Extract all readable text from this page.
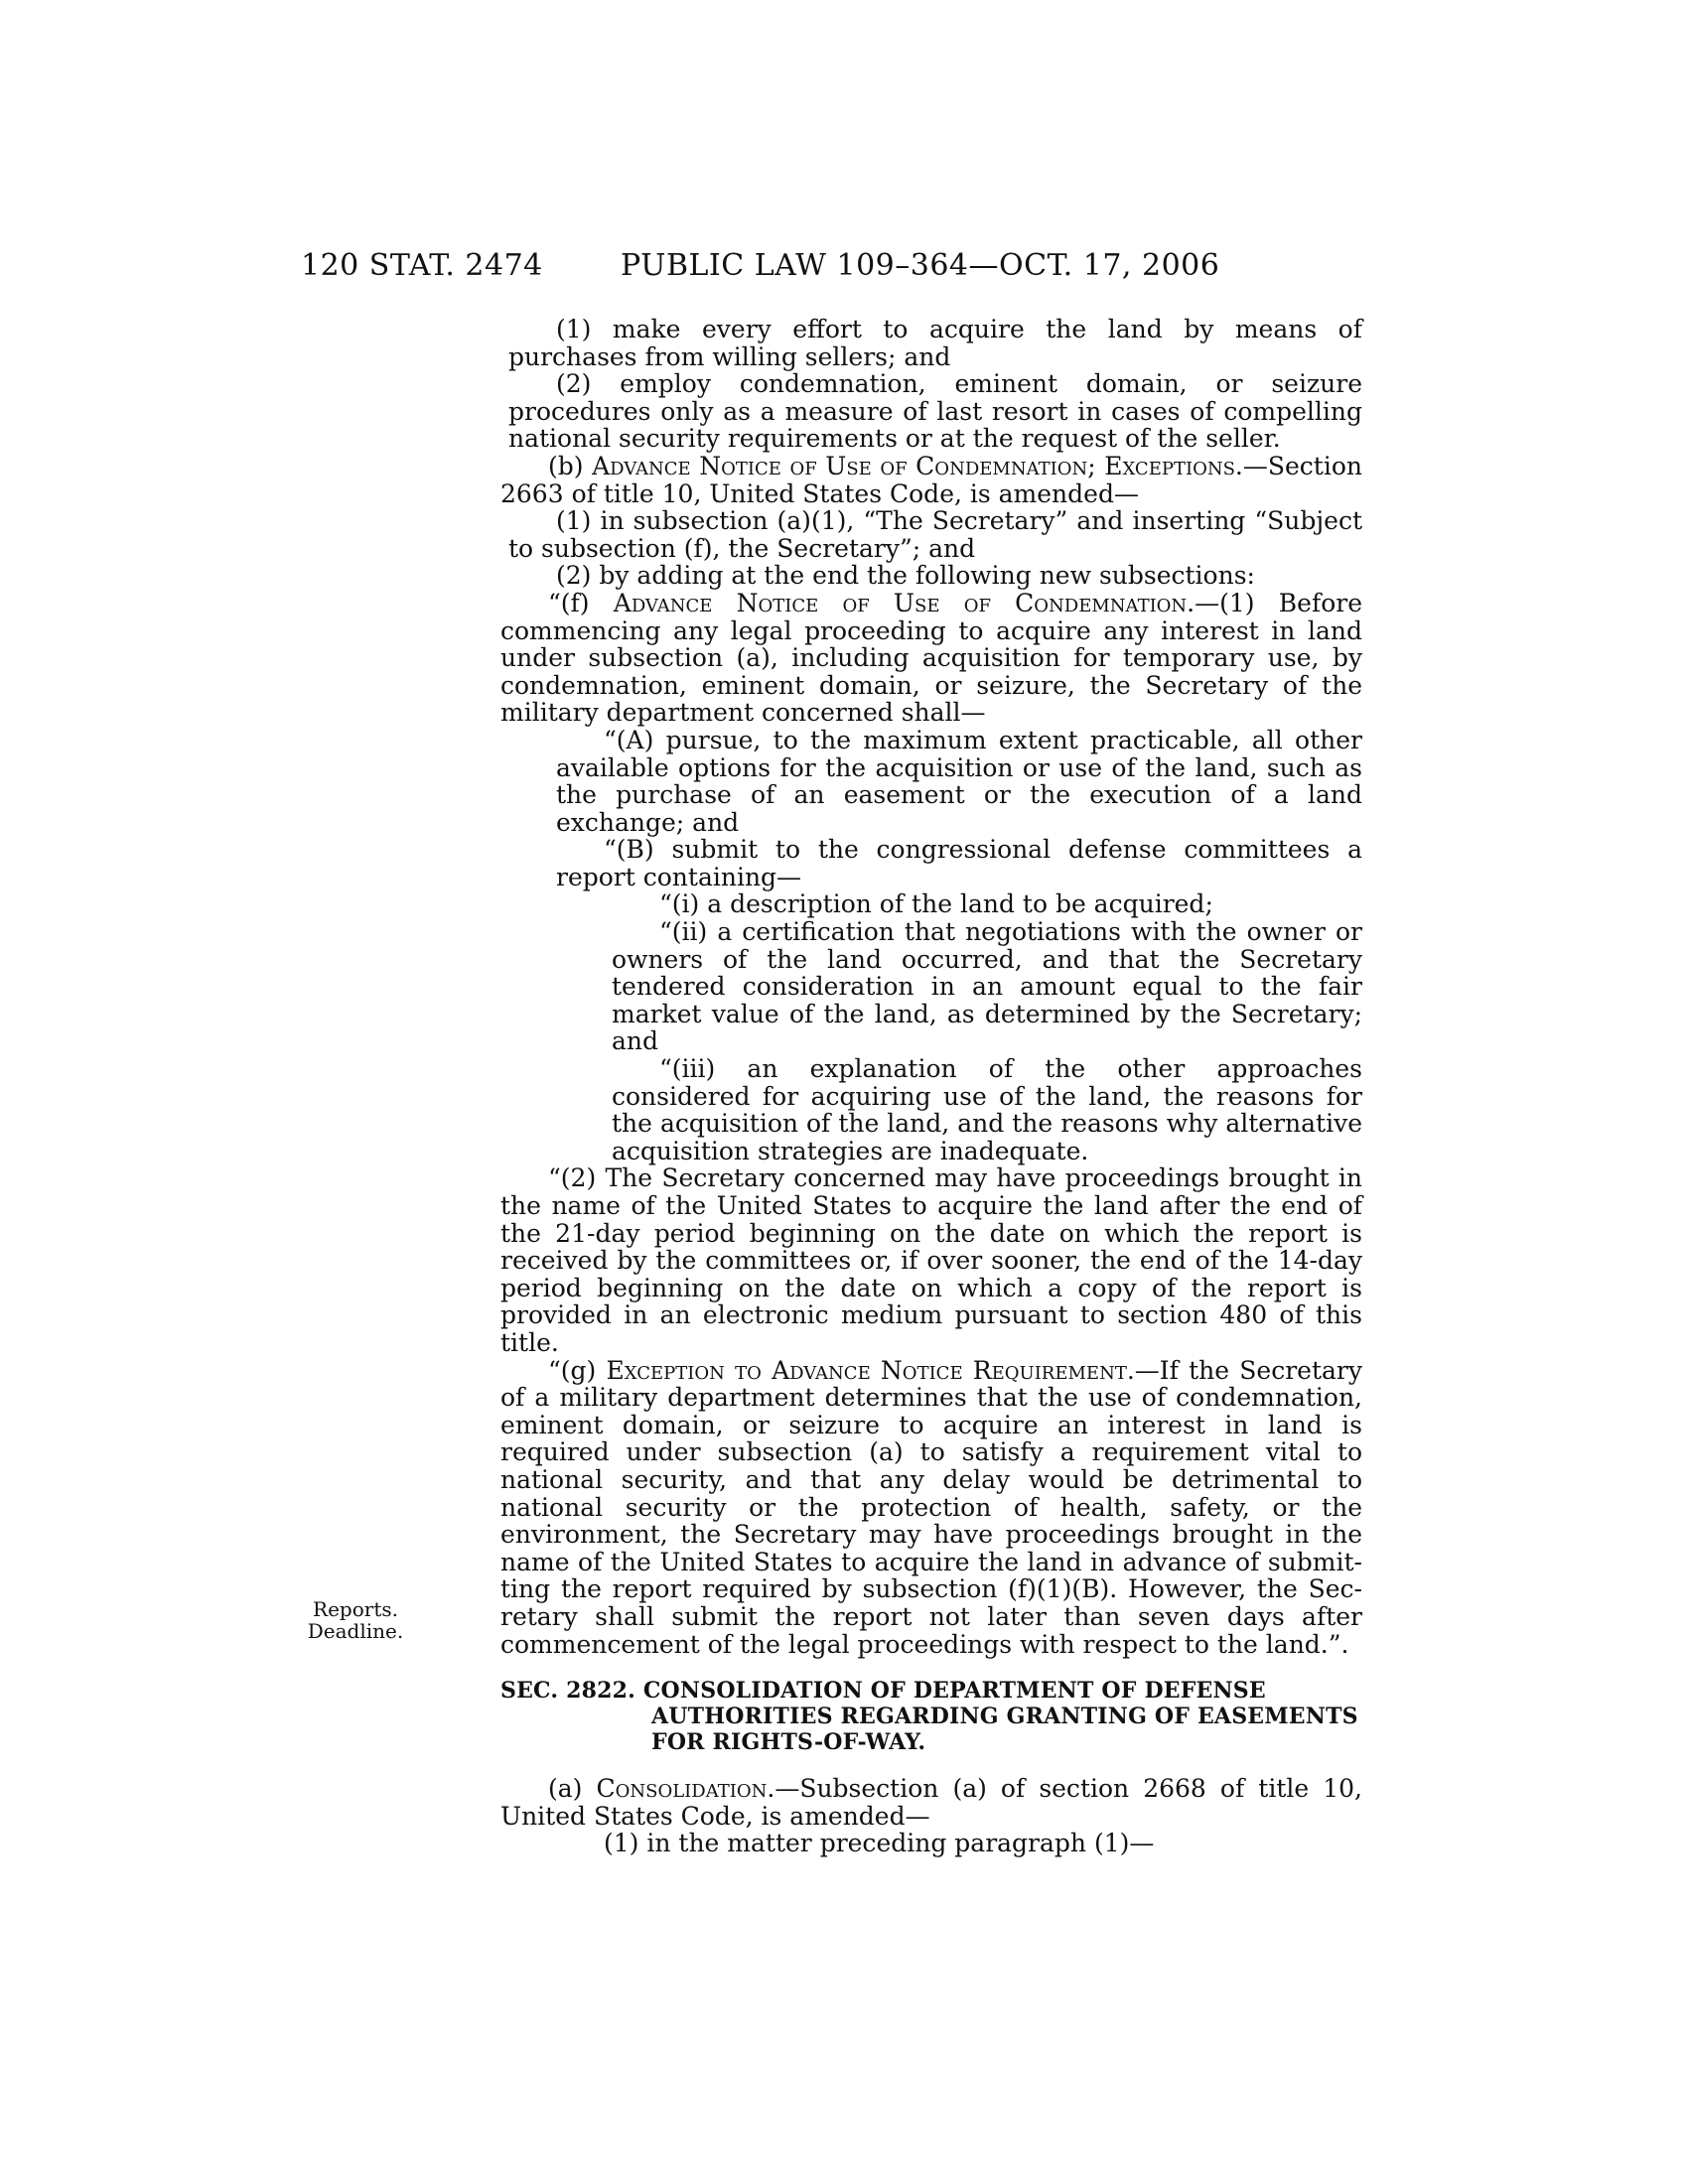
120 STAT. 2474	PUBLIC LAW 109–364—OCT. 17, 2006
Reports.
Deadline.

(1) make every effort to acquire the land by means of purchases from willing sellers; and

(2) employ condemnation, eminent domain, or seizure procedures only as a measure of last resort in cases of compelling national security requirements or at the request of the seller.

(b) Advance Notice of Use of Condemnation; Exceptions.—Section 2663 of title 10, United States Code, is amended—

(1) in subsection (a)(1), “The Secretary” and inserting “Subject to subsection (f), the Secretary”; and

(2) by adding at the end the following new subsections:

“(f) Advance Notice of Use of Condemnation.—(1) Before commencing any legal proceeding to acquire any interest in land under subsection (a), including acquisition for temporary use, by condemnation, eminent domain, or seizure, the Secretary of the military department concerned shall—

“(A) pursue, to the maximum extent practicable, all other available options for the acquisition or use of the land, such as the purchase of an easement or the execution of a land exchange; and

“(B) submit to the congressional defense committees a report containing—

“(i) a description of the land to be acquired;

“(ii) a certification that negotiations with the owner or owners of the land occurred, and that the Secretary tendered consideration in an amount equal to the fair market value of the land, as determined by the Secretary; and

“(iii) an explanation of the other approaches considered for acquiring use of the land, the reasons for the acquisition of the land, and the reasons why alternative acquisition strategies are inadequate.

“(2) The Secretary concerned may have proceedings brought in the name of the United States to acquire the land after the end of the 21-day period beginning on the date on which the report is received by the committees or, if over sooner, the end of the 14-day period beginning on the date on which a copy of the report is provided in an electronic medium pursuant to section 480 of this title.

“(g) Exception to Advance Notice Requirement.—If the Secretary of a military department determines that the use of condemnation, eminent domain, or seizure to acquire an interest in land is required under subsection (a) to satisfy a requirement vital to national security, and that any delay would be detrimental to national security or the protection of health, safety, or the environment, the Secretary may have proceedings brought in the name of the United States to acquire the land in advance of submitting the report required by subsection (f)(1)(B). However, the Secretary shall submit the report not later than seven days after commencement of the legal proceedings with respect to the land.”.

SEC. 2822. CONSOLIDATION OF DEPARTMENT OF DEFENSE AUTHORITIES REGARDING GRANTING OF EASEMENTS FOR RIGHTS-OF-WAY.

(a) Consolidation.—Subsection (a) of section 2668 of title 10, United States Code, is amended—

(1) in the matter preceding paragraph (1)—
